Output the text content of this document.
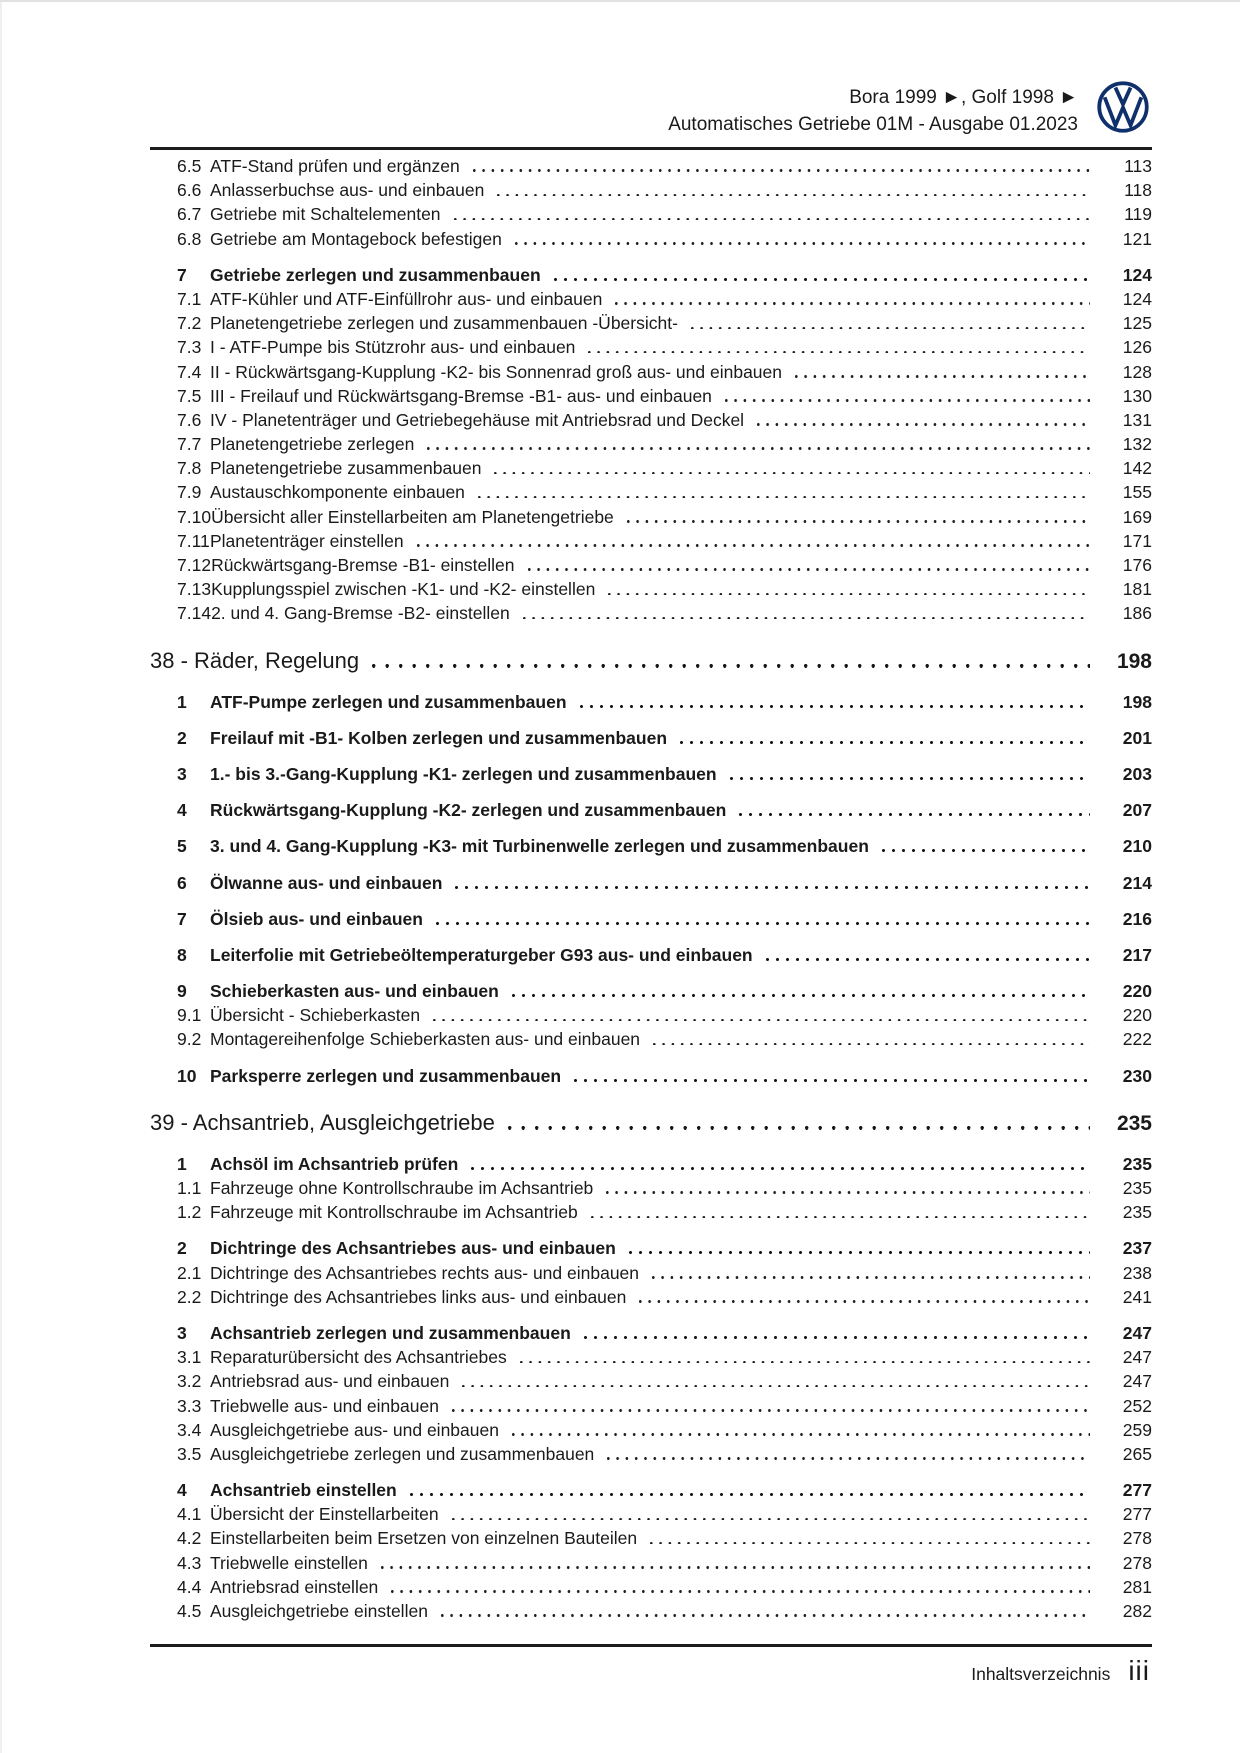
Bora 1999 ►, Golf 1998 ►
Automatisches Getriebe 01M - Ausgabe 01.2023
6.5 ATF-Stand prüfen und ergänzen	113
6.6 Anlasserbuchse aus- und einbauen	118
6.7 Getriebe mit Schaltelementen	119
6.8 Getriebe am Montagebock befestigen	121
7	Getriebe zerlegen und zusammenbauen	124
7.1 ATF-Kühler und ATF-Einfüllrohr aus- und einbauen	124
7.2 Planetengetriebe zerlegen und zusammenbauen -Übersicht-	125
7.3 I - ATF-Pumpe bis Stützrohr aus- und einbauen	126
7.4 II - Rückwärtsgang-Kupplung -K2- bis Sonnenrad groß aus- und einbauen	128
7.5 III - Freilauf und Rückwärtsgang-Bremse -B1- aus- und einbauen	130
7.6 IV - Planetenträger und Getriebegehäuse mit Antriebsrad und Deckel	131
7.7 Planetengetriebe zerlegen	132
7.8 Planetengetriebe zusammenbauen	142
7.9 Austauschkomponente einbauen	155
7.10 Übersicht aller Einstellarbeiten am Planetengetriebe	169
7.11 Planetenträger einstellen	171
7.12 Rückwärtsgang-Bremse -B1- einstellen	176
7.13 Kupplungsspiel zwischen -K1- und -K2- einstellen	181
7.14 2. und 4. Gang-Bremse -B2- einstellen	186
38 - Räder, Regelung	198
1	ATF-Pumpe zerlegen und zusammenbauen	198
2	Freilauf mit -B1- Kolben zerlegen und zusammenbauen	201
3	1.- bis 3.-Gang-Kupplung -K1- zerlegen und zusammenbauen	203
4	Rückwärtsgang-Kupplung -K2- zerlegen und zusammenbauen	207
5	3. und 4. Gang-Kupplung -K3- mit Turbinenwelle zerlegen und zusammenbauen	210
6	Ölwanne aus- und einbauen	214
7	Ölsieb aus- und einbauen	216
8	Leiterfolie mit Getriebeöltemperaturgeber G93 aus- und einbauen	217
9	Schieberkasten aus- und einbauen	220
9.1 Übersicht - Schieberkasten	220
9.2 Montagereihenfolge Schieberkasten aus- und einbauen	222
10 Parksperre zerlegen und zusammenbauen	230
39 - Achsantrieb, Ausgleichgetriebe	235
1	Achsöl im Achsantrieb prüfen	235
1.1 Fahrzeuge ohne Kontrollschraube im Achsantrieb	235
1.2 Fahrzeuge mit Kontrollschraube im Achsantrieb	235
2	Dichtringe des Achsantriebes aus- und einbauen	237
2.1 Dichtringe des Achsantriebes rechts aus- und einbauen	238
2.2 Dichtringe des Achsantriebes links aus- und einbauen	241
3	Achsantrieb zerlegen und zusammenbauen	247
3.1 Reparaturübersicht des Achsantriebes	247
3.2 Antriebsrad aus- und einbauen	247
3.3 Triebwelle aus- und einbauen	252
3.4 Ausgleichgetriebe aus- und einbauen	259
3.5 Ausgleichgetriebe zerlegen und zusammenbauen	265
4	Achsantrieb einstellen	277
4.1 Übersicht der Einstellarbeiten	277
4.2 Einstellarbeiten beim Ersetzen von einzelnen Bauteilen	278
4.3 Triebwelle einstellen	278
4.4 Antriebsrad einstellen	281
4.5 Ausgleichgetriebe einstellen	282
Inhaltsverzeichnis iii
